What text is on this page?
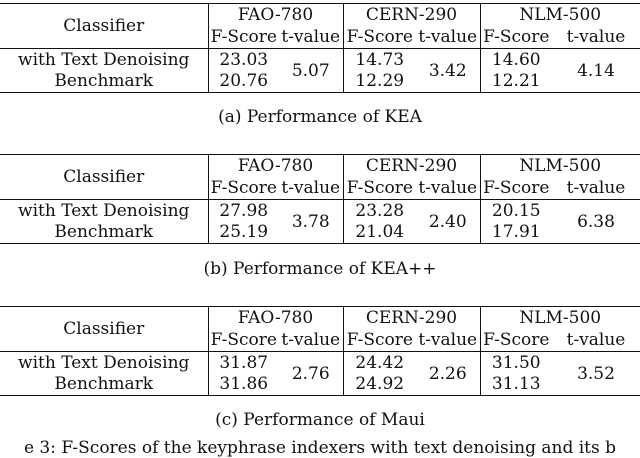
Classifier	FAO-780		CERN-290		NLM-500	
	F-Score	t-value	F-Score	t-value	F-Score	t-value
with Text Denoising	23.03	5.07	14.73	3.42	14.60	4.14
Benchmark	20.76		12.29		12.21	
(a) Performance of KEA
Classifier	FAO-780		CERN-290		NLM-500	
	F-Score	t-value	F-Score	t-value	F-Score	t-value
with Text Denoising	27.98	3.78	23.28	2.40	20.15	6.38
Benchmark	25.19		21.04		17.91	
(b) Performance of KEA++
Classifier	FAO-780		CERN-290		NLM-500	
	F-Score	t-value	F-Score	t-value	F-Score	t-value
with Text Denoising	31.87	2.76	24.42	2.26	31.50	3.52
Benchmark	31.86		24.92		31.13	
(c) Performance of Maui
e 3: F-Scores of the keyphrase indexers with text denoising and its b
